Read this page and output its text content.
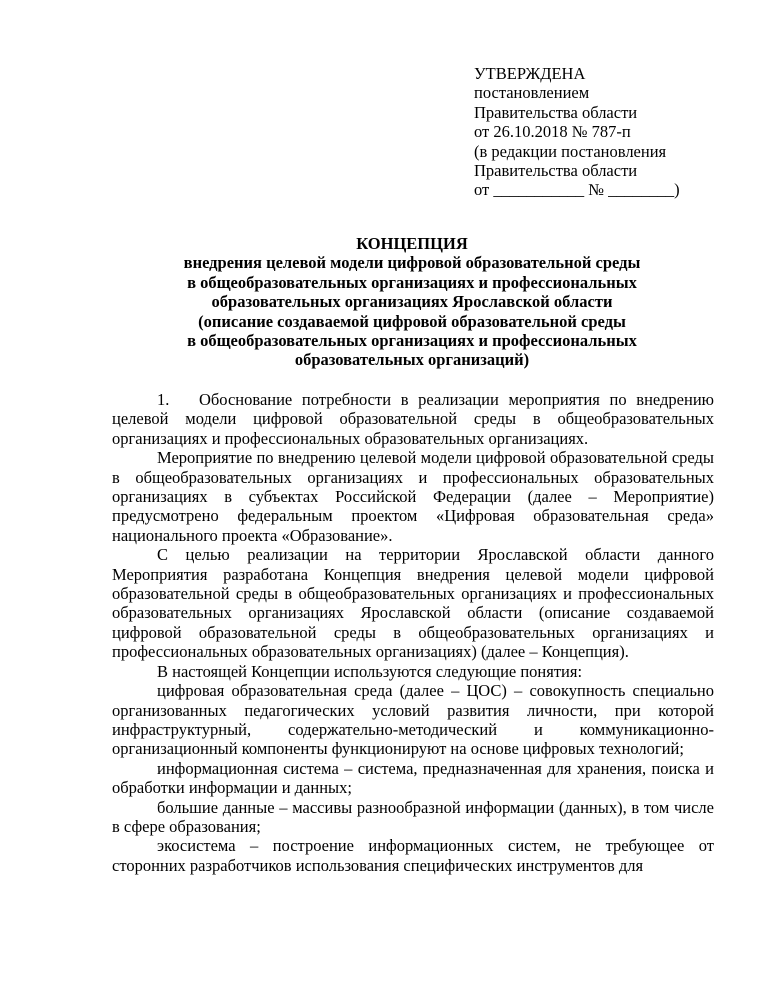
УТВЕРЖДЕНА
постановлением
Правительства области
от 26.10.2018 № 787-п
(в редакции постановления
Правительства области
от ___________ № ________)
КОНЦЕПЦИЯ
внедрения целевой модели цифровой образовательной среды
в общеобразовательных организациях и профессиональных
образовательных организациях Ярославской области
(описание создаваемой цифровой образовательной среды
в общеобразовательных организациях и профессиональных
образовательных организаций)

1. Обоснование потребности в реализации мероприятия по внедрению целевой модели цифровой образовательной среды в общеобразовательных организациях и профессиональных образовательных организациях.

Мероприятие по внедрению целевой модели цифровой образовательной среды в общеобразовательных организациях и профессиональных образовательных организациях в субъектах Российской Федерации (далее – Мероприятие) предусмотрено федеральным проектом «Цифровая образовательная среда» национального проекта «Образование».

С целью реализации на территории Ярославской области данного Мероприятия разработана Концепция внедрения целевой модели цифровой образовательной среды в общеобразовательных организациях и профессиональных образовательных организациях Ярославской области (описание создаваемой цифровой образовательной среды в общеобразовательных организациях и профессиональных образовательных организациях) (далее – Концепция).

В настоящей Концепции используются следующие понятия:

цифровая образовательная среда (далее – ЦОС) – совокупность специально организованных педагогических условий развития личности, при которой инфраструктурный, содержательно-методический и коммуникационно-организационный компоненты функционируют на основе цифровых технологий;

информационная система – система, предназначенная для хранения, поиска и обработки информации и данных;

большие данные – массивы разнообразной информации (данных), в том числе в сфере образования;

экосистема – построение информационных систем, не требующее от сторонних разработчиков использования специфических инструментов для
